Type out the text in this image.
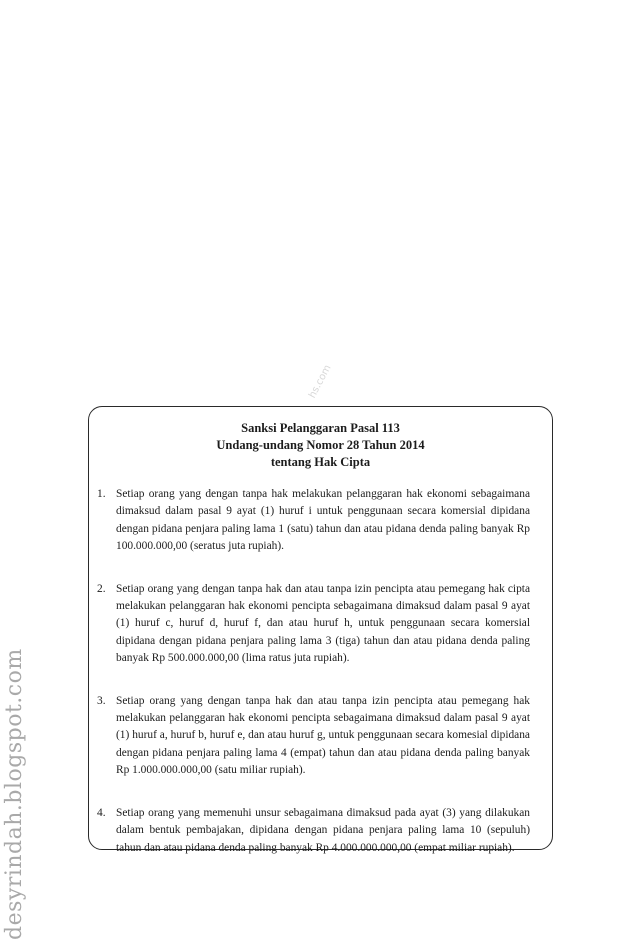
Sanksi Pelanggaran Pasal 113
Undang-undang Nomor 28 Tahun 2014
tentang Hak Cipta
1. Setiap orang yang dengan tanpa hak melakukan pelanggaran hak ekonomi sebagaimana dimaksud dalam pasal 9 ayat (1) huruf i untuk penggunaan secara komersial dipidana dengan pidana penjara paling lama 1 (satu) tahun dan atau pidana denda paling banyak Rp 100.000.000,00 (seratus juta rupiah).
2. Setiap orang yang dengan tanpa hak dan atau tanpa izin pencipta atau pemegang hak cipta melakukan pelanggaran hak ekonomi pencipta sebagaimana dimaksud dalam pasal 9 ayat (1) huruf c, huruf d, huruf f, dan atau huruf h, untuk penggunaan secara komersial dipidana dengan pidana penjara paling lama 3 (tiga) tahun dan atau pidana denda paling banyak Rp 500.000.000,00 (lima ratus juta rupiah).
3. Setiap orang yang dengan tanpa hak dan atau tanpa izin pencipta atau pemegang hak melakukan pelanggaran hak ekonomi pencipta sebagaimana dimaksud dalam pasal 9 ayat (1) huruf a, huruf b, huruf e, dan atau huruf g, untuk penggunaan secara komesial dipidana dengan pidana penjara paling lama 4 (empat) tahun dan atau pidana denda paling banyak Rp 1.000.000.000,00 (satu miliar rupiah).
4. Setiap orang yang memenuhi unsur sebagaimana dimaksud pada ayat (3) yang dilakukan dalam bentuk pembajakan, dipidana dengan pidana penjara paling lama 10 (sepuluh) tahun dan atau pidana denda paling banyak Rp 4.000.000.000,00 (empat miliar rupiah).
hs.com
desyrindah.blogspot.com
